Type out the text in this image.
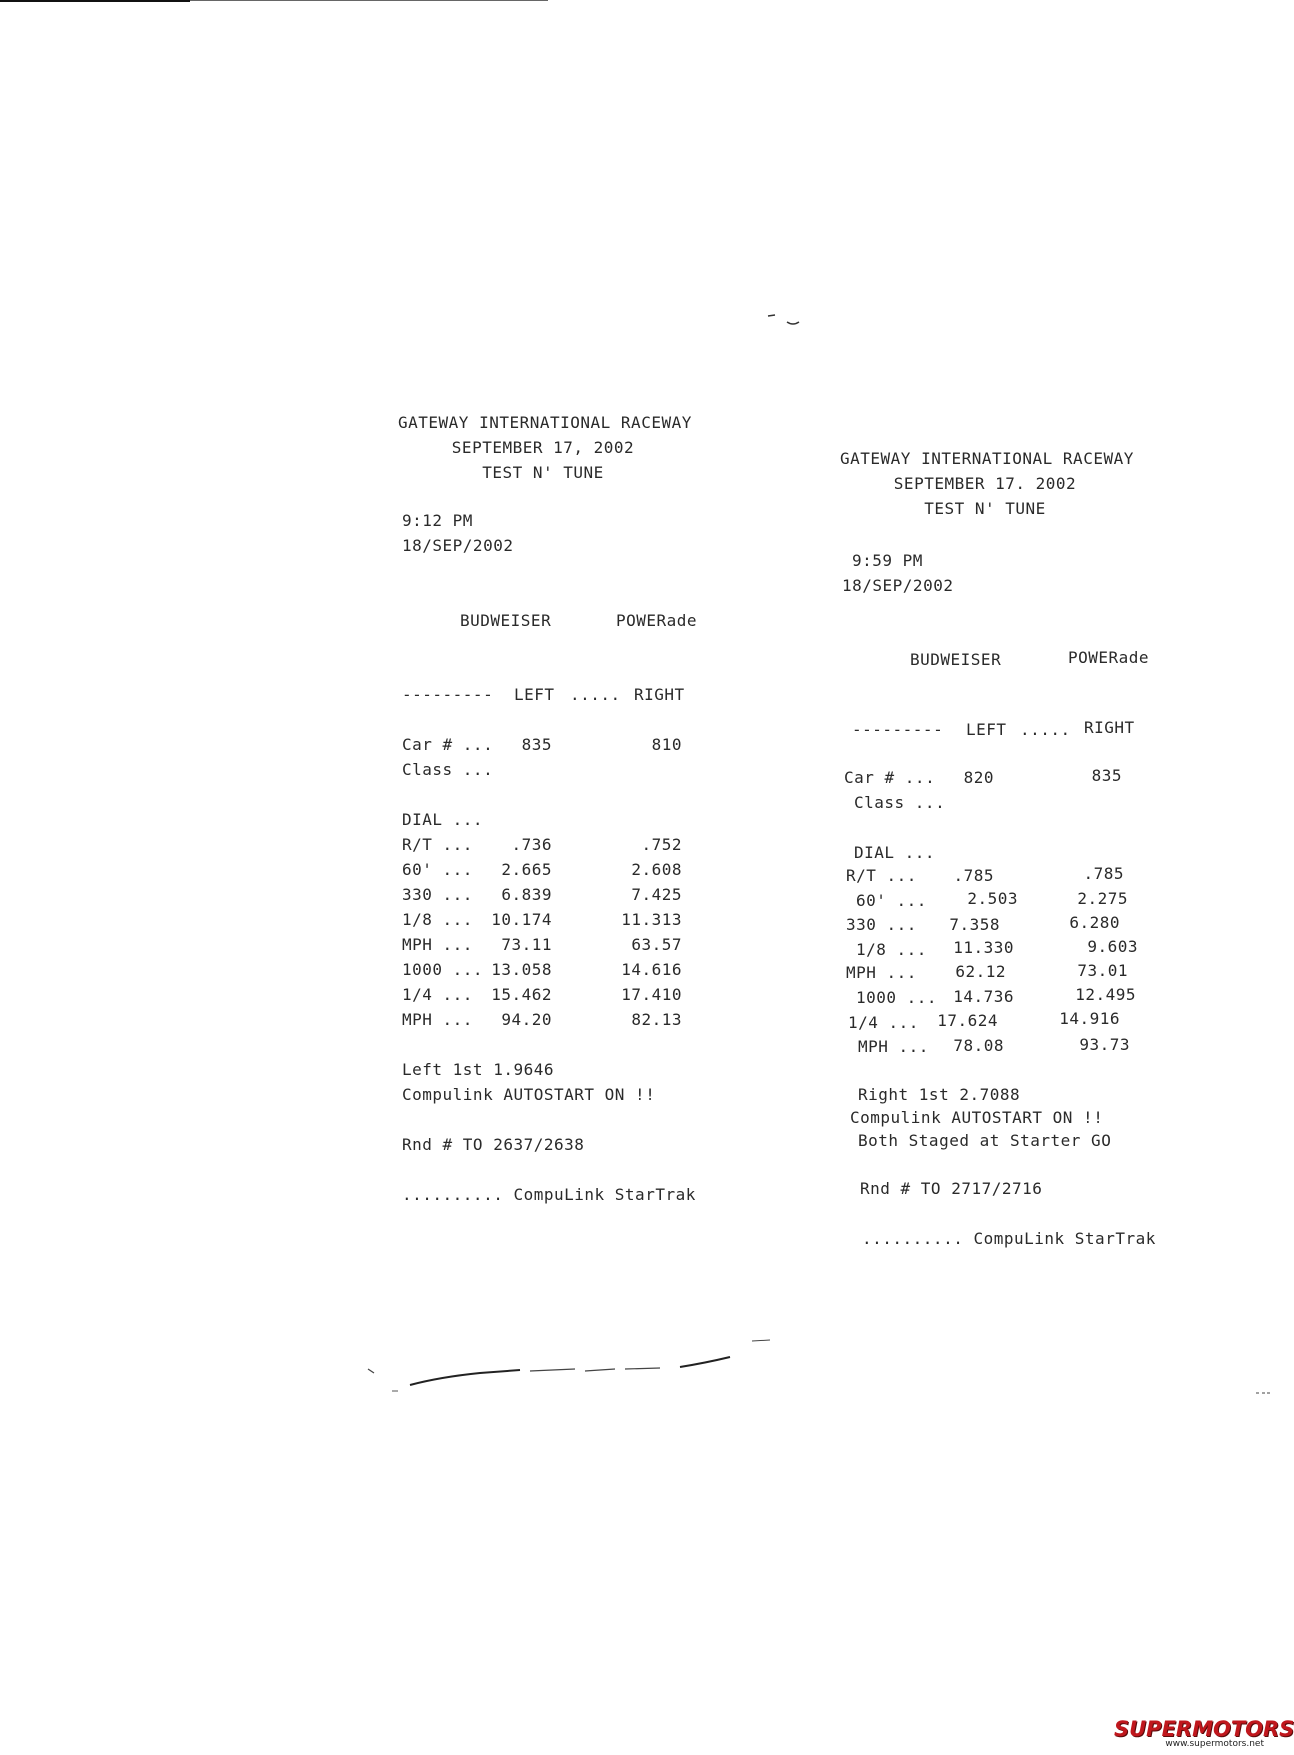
GATEWAY INTERNATIONAL RACEWAY
SEPTEMBER 17, 2002
TEST N' TUNE
9:12 PM
18/SEP/2002
BUDWEISER	POWERade
--------- LEFT ..... RIGHT
Car # ...	835	810
Class ...
DIAL ...
R/T ...	.736	.752
60' ...	2.665	2.608
330 ...	6.839	7.425
1/8 ...	10.174	11.313
MPH ...	73.11	63.57
1000 ... 13.058	14.616
1/4 ...	15.462	17.410
MPH ...	94.20	82.13
Left 1st 1.9646
Compulink AUTOSTART ON !!
Rnd # TO 2637/2638
.......... CompuLink StarTrak
GATEWAY INTERNATIONAL RACEWAY
SEPTEMBER 17. 2002
TEST N' TUNE
9:59 PM
18/SEP/2002
BUDWEISER	POWERade
--------- LEFT ..... RIGHT
Car # ...	820	835
Class ...
DIAL ...
R/T ...	.785	.785
60' ...	2.503	2.275
330 ...	7.358	6.280
1/8 ...	11.330	9.603
MPH ...	62.12	73.01
1000 ...	14.736	12.495
1/4 ...	17.624	14.916
MPH ...	78.08	93.73
Right 1st 2.7088
Compulink AUTOSTART ON !!
Both Staged at Starter GO
Rnd # TO 2717/2716
.......... CompuLink StarTrak
SUPERMOTORS
www.supermotors.net
